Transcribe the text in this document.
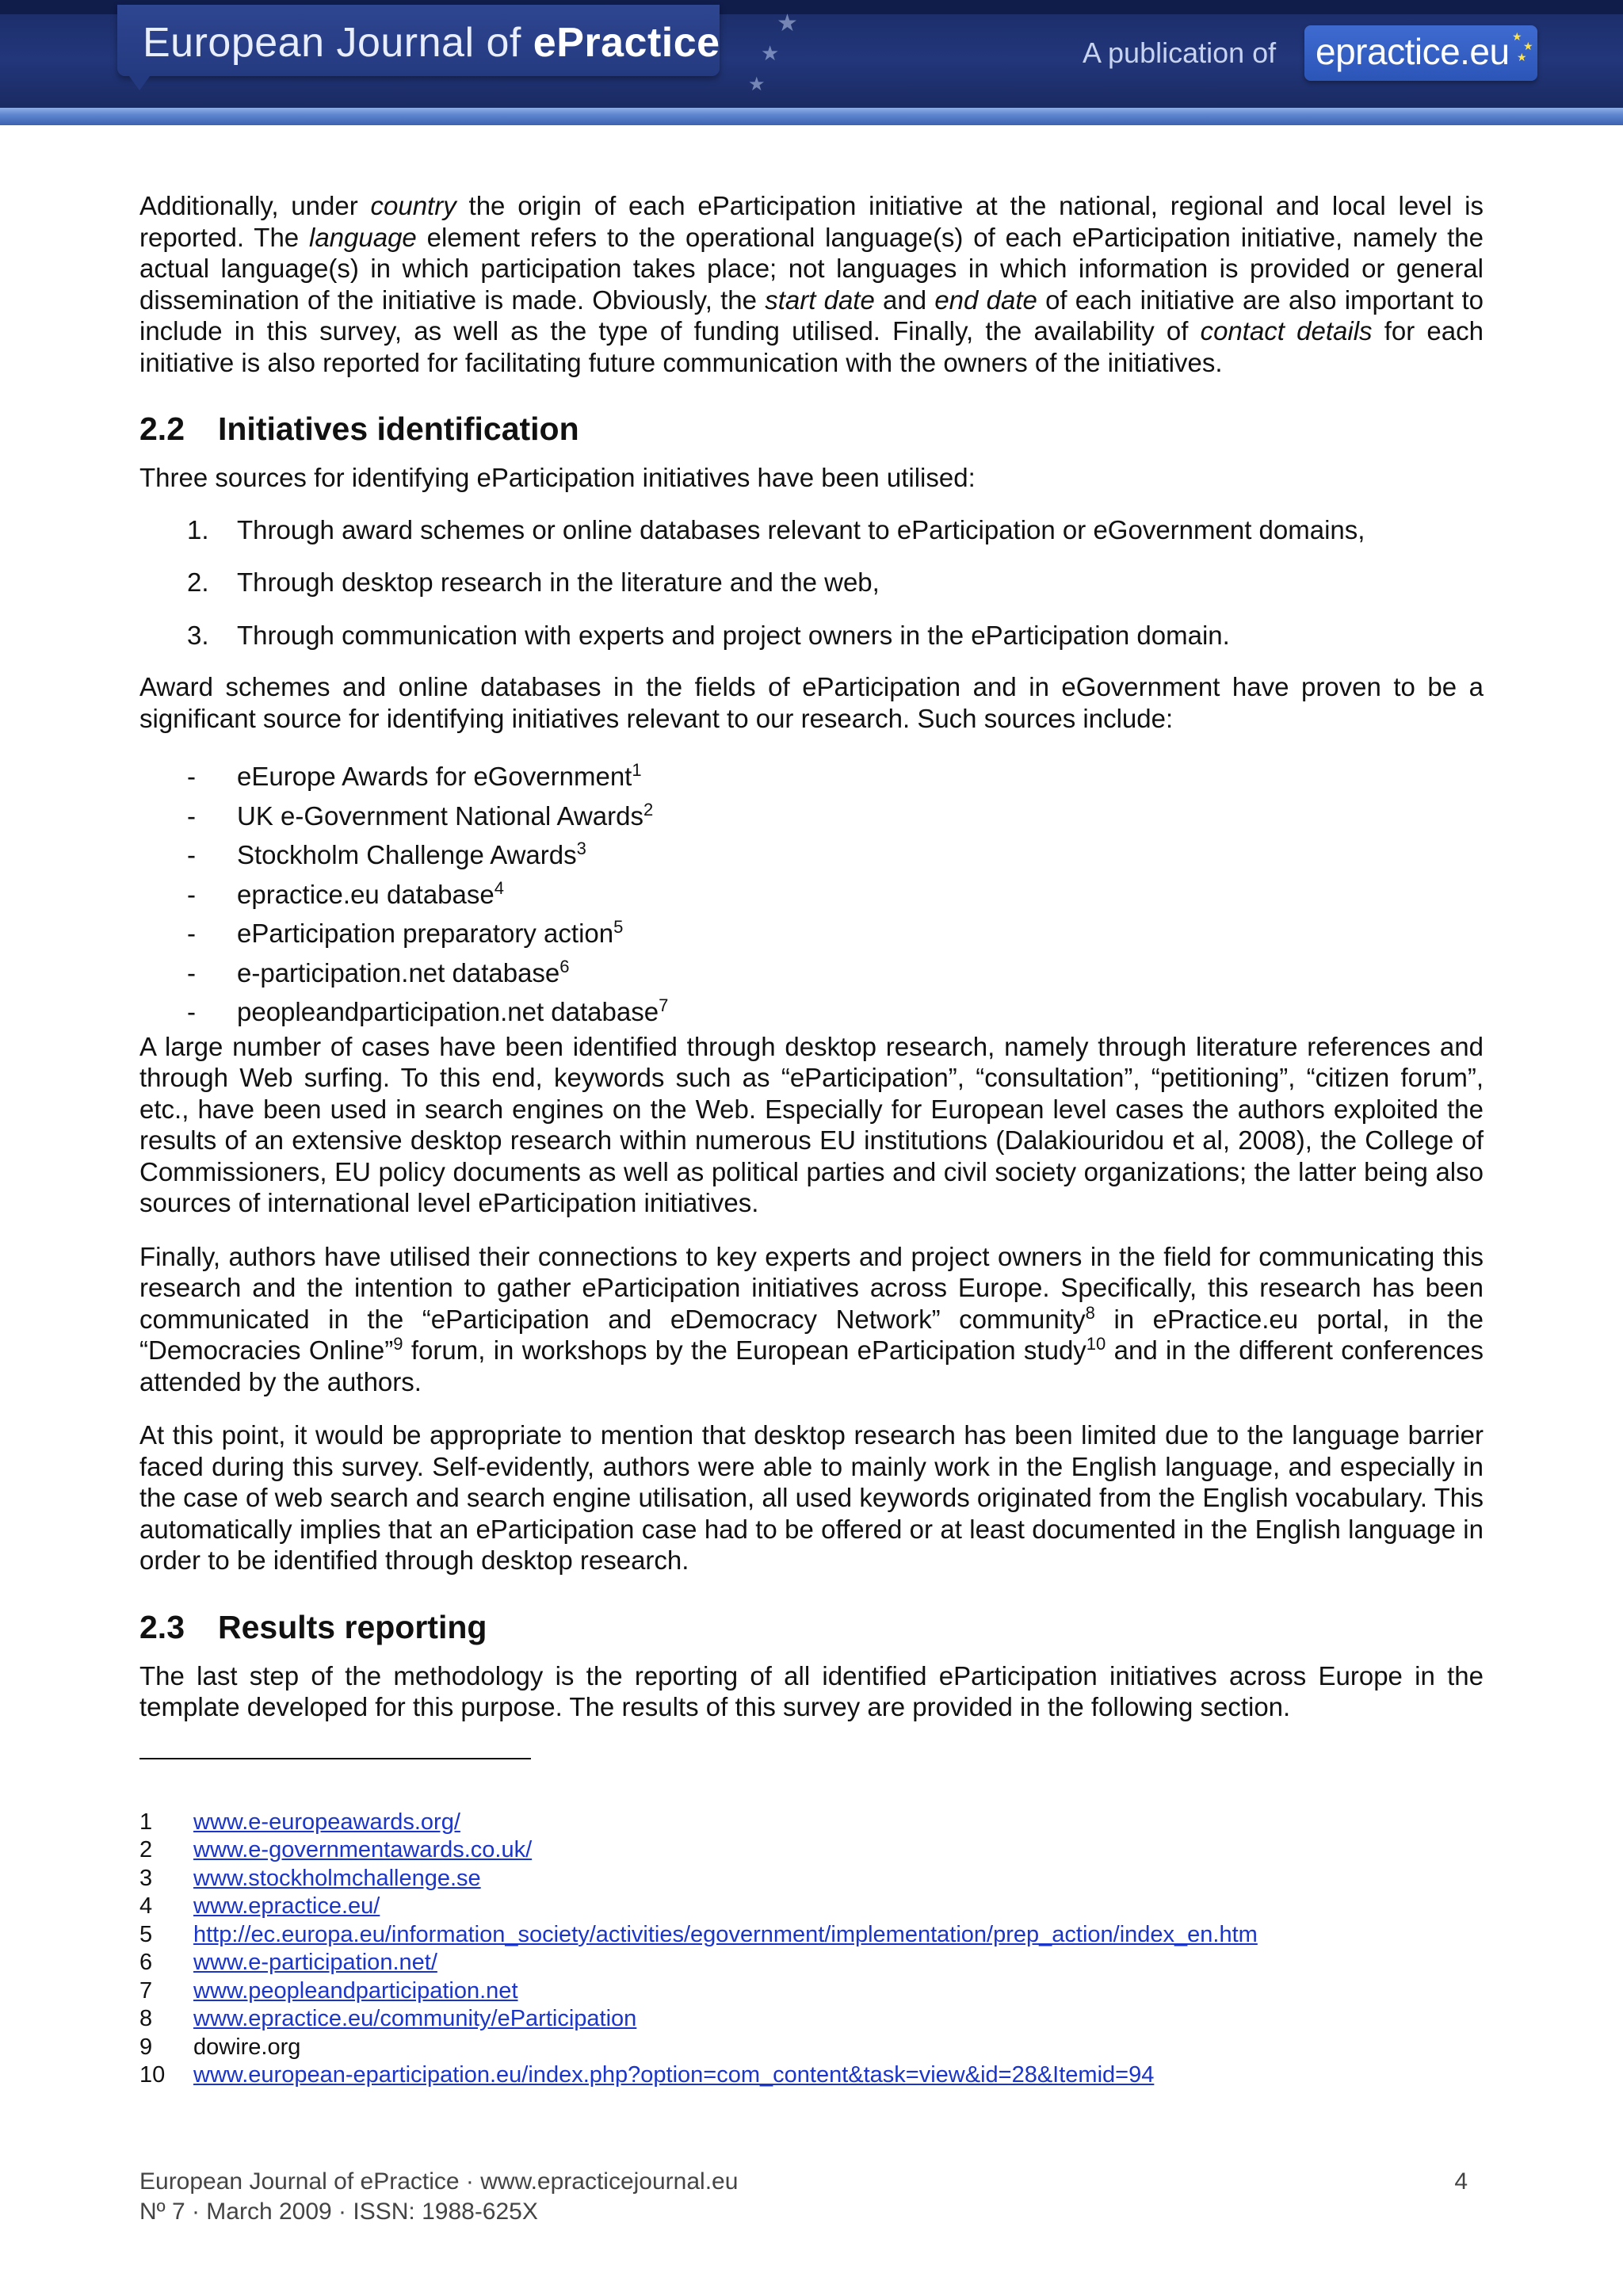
★
★
★
European Journal of ePractice	A publication of epractice.eu ★
★
★

Additionally, under country the origin of each eParticipation initiative at the national, regional and local level is reported. The language element refers to the operational language(s) of each eParticipation initiative, namely the actual language(s) in which participation takes place; not languages in which information is provided or general dissemination of the initiative is made. Obviously, the start date and end date of each initiative are also important to include in this survey, as well as the type of funding utilised. Finally, the availability of contact details for each initiative is also reported for facilitating future communication with the owners of the initiatives.

2.2 Initiatives identification

Three sources for identifying eParticipation initiatives have been utilised:

1.	Through award schemes or online databases relevant to eParticipation or eGovernment domains,
2.	Through desktop research in the literature and the web,
3.	Through communication with experts and project owners in the eParticipation domain.

Award schemes and online databases in the fields of eParticipation and in eGovernment have proven to be a significant source for identifying initiatives relevant to our research. Such sources include:

-	eEurope Awards for eGovernment$^1$
-	UK e-Government National Awards$^2$
-	Stockholm Challenge Awards$^3$
-	epractice.eu database$^4$
-	eParticipation preparatory action$^5$
-	e-participation.net database$^6$
-	peopleandparticipation.net database$^7$

A large number of cases have been identified through desktop research, namely through literature references and through Web surfing. To this end, keywords such as “eParticipation”, “consultation”, “petitioning”, “citizen forum”, etc., have been used in search engines on the Web. Especially for European level cases the authors exploited the results of an extensive desktop research within numerous EU institutions (Dalakiouridou et al, 2008), the College of Commissioners, EU policy documents as well as political parties and civil society organizations; the latter being also sources of international level eParticipation initiatives.

Finally, authors have utilised their connections to key experts and project owners in the field for communicating this research and the intention to gather eParticipation initiatives across Europe. Specifically, this research has been communicated in the “eParticipation and eDemocracy Network” community$^8$ in ePractice.eu portal, in the “Democracies Online”$^9$ forum, in workshops by the European eParticipation study$^{10}$ and in the different conferences attended by the authors.

At this point, it would be appropriate to mention that desktop research has been limited due to the language barrier faced during this survey. Self-evidently, authors were able to mainly work in the English language, and especially in the case of web search and search engine utilisation, all used keywords originated from the English vocabulary. This automatically implies that an eParticipation case had to be offered or at least documented in the English language in order to be identified through desktop research.

2.3 Results reporting

The last step of the methodology is the reporting of all identified eParticipation initiatives across Europe in the template developed for this purpose. The results of this survey are provided in the following section.

1	www.e-europeawards.org/
2	www.e-governmentawards.co.uk/
3	www.stockholmchallenge.se
4	www.epractice.eu/
5	http://ec.europa.eu/information_society/activities/egovernment/implementation/prep_action/index_en.htm
6	www.e-participation.net/
7	www.peopleandparticipation.net
8	www.epractice.eu/community/eParticipation
9	dowire.org
10	www.european-eparticipation.eu/index.php?option=com_content&task=view&id=28&Itemid=94
European Journal of ePractice · www.epracticejournal.eu
Nº 7 · March 2009 · ISSN: 1988-625X
4
